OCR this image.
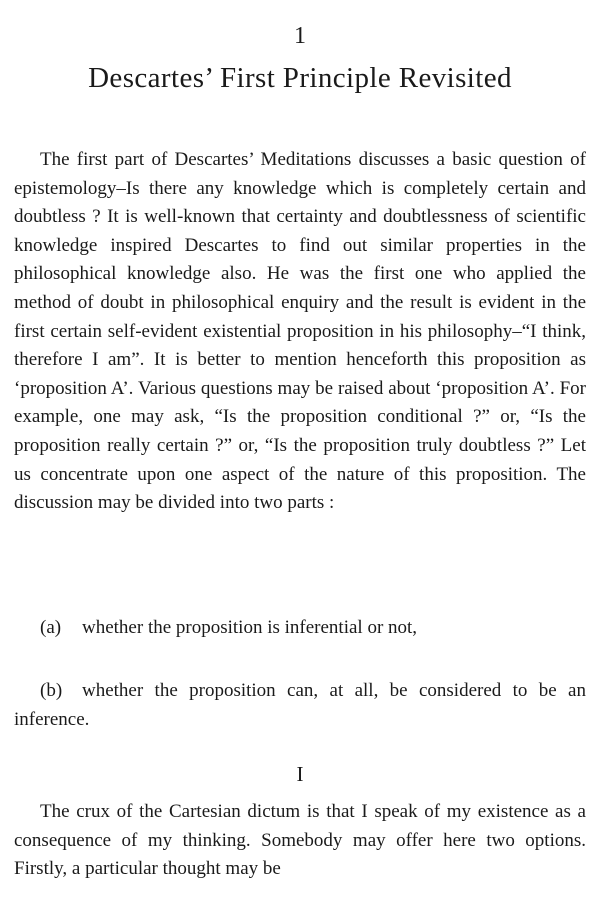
1
Descartes’ First Principle Revisited

The first part of Descartes’ Meditations discusses a basic question of epistemology–Is there any knowledge which is completely certain and doubtless ? It is well-known that certainty and doubtlessness of scientific knowledge inspired Descartes to find out similar properties in the philosophical knowledge also. He was the first one who applied the method of doubt in philosophical enquiry and the result is evident in the first certain self-evident existential proposition in his philosophy–“I think, therefore I am”. It is better to mention henceforth this proposition as ‘proposition A’. Various questions may be raised about ‘proposition A’. For example, one may ask, “Is the proposition conditional ?” or, “Is the proposition really certain ?” or, “Is the proposition truly doubtless ?” Let us concentrate upon one aspect of the nature of this proposition. The discussion may be divided into two parts :

(a) whether the proposition is inferential or not,

(b) whether the proposition can, at all, be considered to be an inference.

I

The crux of the Cartesian dictum is that I speak of my existence as a consequence of my thinking. Somebody may offer here two options. Firstly, a particular thought may be
